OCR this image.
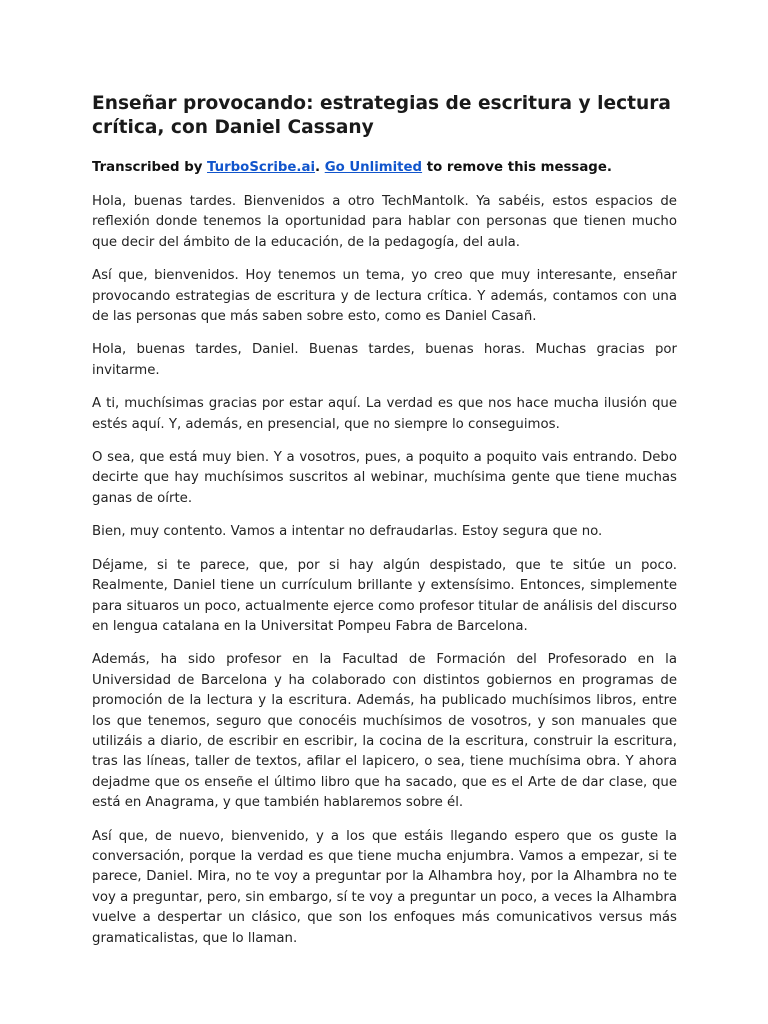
Enseñar provocando: estrategias de escritura y lectura crítica, con Daniel Cassany
Transcribed by TurboScribe.ai. Go Unlimited to remove this message.

Hola, buenas tardes. Bienvenidos a otro TechMantolk. Ya sabéis, estos espacios de reflexión donde tenemos la oportunidad para hablar con personas que tienen mucho que decir del ámbito de la educación, de la pedagogía, del aula.

Así que, bienvenidos. Hoy tenemos un tema, yo creo que muy interesante, enseñar provocando estrategias de escritura y de lectura crítica. Y además, contamos con una de las personas que más saben sobre esto, como es Daniel Casañ.

Hola, buenas tardes, Daniel. Buenas tardes, buenas horas. Muchas gracias por invitarme.

A ti, muchísimas gracias por estar aquí. La verdad es que nos hace mucha ilusión que estés aquí. Y, además, en presencial, que no siempre lo conseguimos.

O sea, que está muy bien. Y a vosotros, pues, a poquito a poquito vais entrando. Debo decirte que hay muchísimos suscritos al webinar, muchísima gente que tiene muchas ganas de oírte.

Bien, muy contento. Vamos a intentar no defraudarlas. Estoy segura que no.

Déjame, si te parece, que, por si hay algún despistado, que te sitúe un poco. Realmente, Daniel tiene un currículum brillante y extensísimo. Entonces, simplemente para situaros un poco, actualmente ejerce como profesor titular de análisis del discurso en lengua catalana en la Universitat Pompeu Fabra de Barcelona.

Además, ha sido profesor en la Facultad de Formación del Profesorado en la Universidad de Barcelona y ha colaborado con distintos gobiernos en programas de promoción de la lectura y la escritura. Además, ha publicado muchísimos libros, entre los que tenemos, seguro que conocéis muchísimos de vosotros, y son manuales que utilizáis a diario, de escribir en escribir, la cocina de la escritura, construir la escritura, tras las líneas, taller de textos, afilar el lapicero, o sea, tiene muchísima obra. Y ahora dejadme que os enseñe el último libro que ha sacado, que es el Arte de dar clase, que está en Anagrama, y que también hablaremos sobre él.

Así que, de nuevo, bienvenido, y a los que estáis llegando espero que os guste la conversación, porque la verdad es que tiene mucha enjumbra. Vamos a empezar, si te parece, Daniel. Mira, no te voy a preguntar por la Alhambra hoy, por la Alhambra no te voy a preguntar, pero, sin embargo, sí te voy a preguntar un poco, a veces la Alhambra vuelve a despertar un clásico, que son los enfoques más comunicativos versus más gramaticalistas, que lo llaman.
